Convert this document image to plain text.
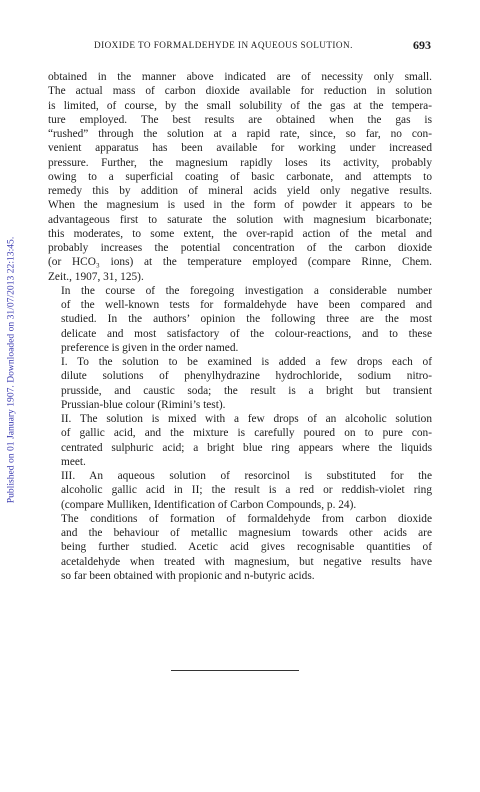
Published on 01 January 1907. Downloaded on 31/07/2013 22:13:45.
DIOXIDE TO FORMALDEHYDE IN AQUEOUS SOLUTION.	693

obtained in the manner above indicated are of necessity only small.
The actual mass of carbon dioxide available for reduction in solution
is limited, of course, by the small solubility of the gas at the tempera-
ture employed. The best results are obtained when the gas is
“rushed” through the solution at a rapid rate, since, so far, no con-
venient apparatus has been available for working under increased
pressure. Further, the magnesium rapidly loses its activity, probably
owing to a superficial coating of basic carbonate, and attempts to
remedy this by addition of mineral acids yield only negative results.
When the magnesium is used in the form of powder it appears to be
advantageous first to saturate the solution with magnesium bicarbonate;
this moderates, to some extent, the over-rapid action of the metal and
probably increases the potential concentration of the carbon dioxide
(or HCO₃ ions) at the temperature employed (compare Rinne, Chem.
Zeit., 1907, 31, 125).

In the course of the foregoing investigation a considerable number
of the well-known tests for formaldehyde have been compared and
studied. In the authors’ opinion the following three are the most
delicate and most satisfactory of the colour-reactions, and to these
preference is given in the order named.

I. To the solution to be examined is added a few drops each of
dilute solutions of phenylhydrazine hydrochloride, sodium nitro-
prusside, and caustic soda; the result is a bright but transient
Prussian-blue colour (Rimini’s test).

II. The solution is mixed with a few drops of an alcoholic solution
of gallic acid, and the mixture is carefully poured on to pure con-
centrated sulphuric acid; a bright blue ring appears where the liquids
meet.

III. An aqueous solution of resorcinol is substituted for the
alcoholic gallic acid in II; the result is a red or reddish-violet ring
(compare Mulliken, Identification of Carbon Compounds, p. 24).

The conditions of formation of formaldehyde from carbon dioxide
and the behaviour of metallic magnesium towards other acids are
being further studied. Acetic acid gives recognisable quantities of
acetaldehyde when treated with magnesium, but negative results have
so far been obtained with propionic and n-butyric acids.
